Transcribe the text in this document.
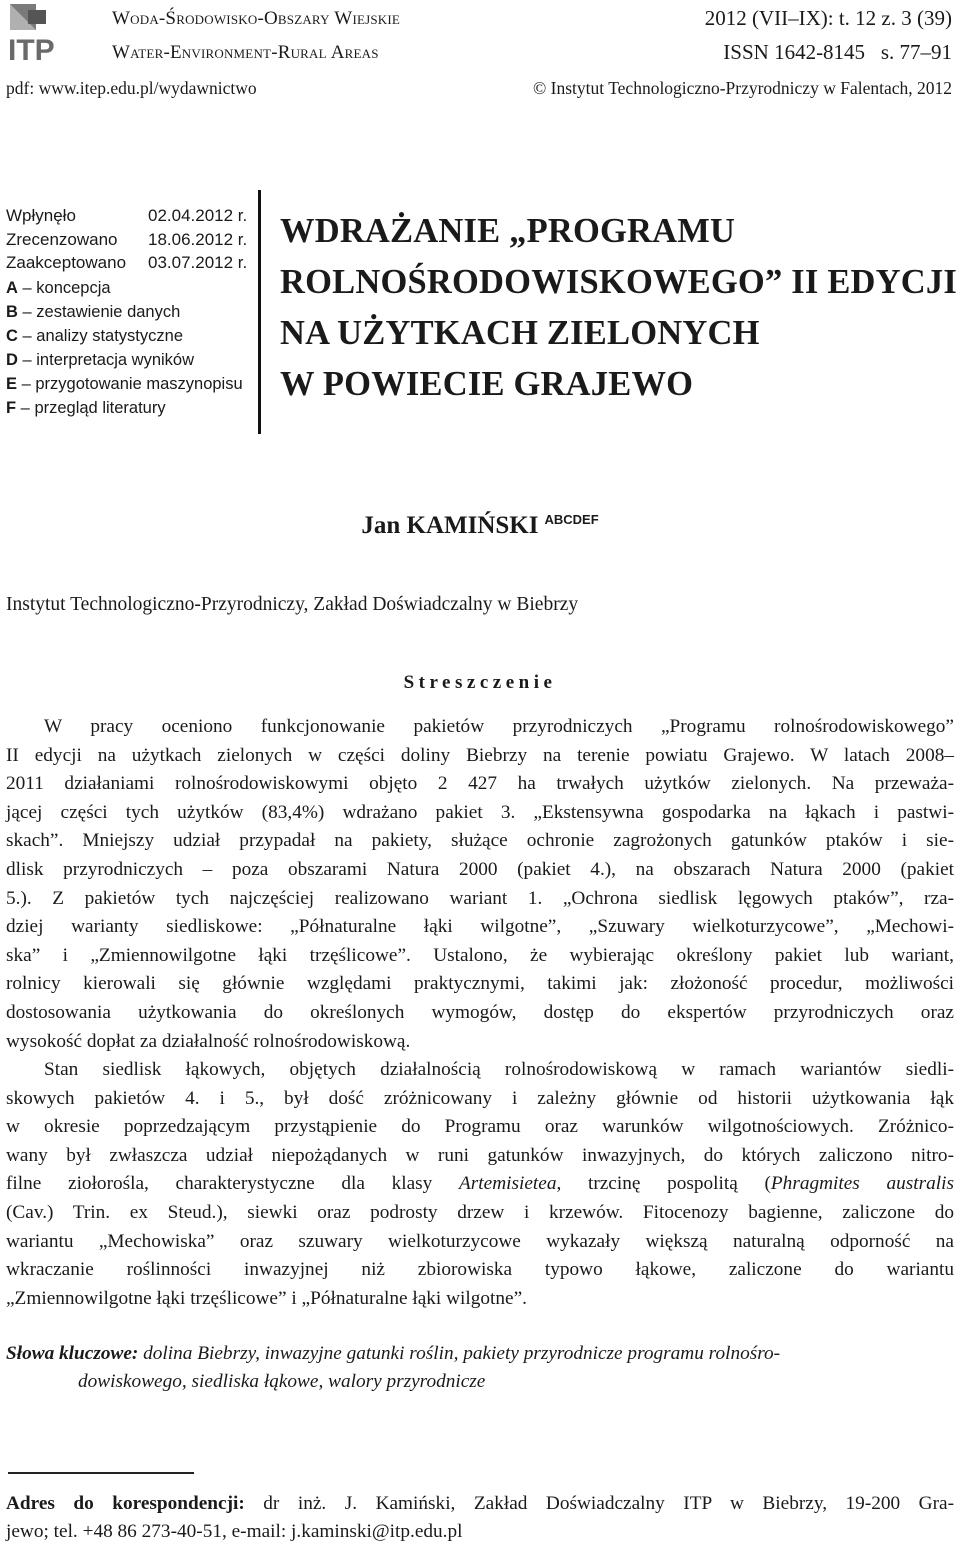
ITP
Woda-Środowisko-Obszary Wiejskie
Water-Environment-Rural Areas
2012 (VII–IX): t. 12 z. 3 (39)
ISSN 1642-8145 s. 77–91
pdf: www.itep.edu.pl/wydawnictwo	© Instytut Technologiczno-Przyrodniczy w Falentach, 2012
Wpłynęło	02.04.2012 r.
Zrecenzowano	18.06.2012 r.
Zaakceptowano	03.07.2012 r.
A – koncepcja
B – zestawienie danych
C – analizy statystyczne
D – interpretacja wyników
E – przygotowanie maszynopisu
F – przegląd literatury
WDRAŻANIE „PROGRAMU
ROLNOŚRODOWISKOWEGO” II EDYCJI
NA UŻYTKACH ZIELONYCH
W POWIECIE GRAJEWO
Jan KAMIŃSKI $^{ABCDEF}$
Instytut Technologiczno-Przyrodniczy, Zakład Doświadczalny w Biebrzy
Streszczenie
W pracy oceniono funkcjonowanie pakietów przyrodniczych „Programu rolnośrodowiskowego”
II edycji na użytkach zielonych w części doliny Biebrzy na terenie powiatu Grajewo. W latach 2008–
2011 działaniami rolnośrodowiskowymi objęto 2 427 ha trwałych użytków zielonych. Na przeważa-
jącej części tych użytków (83,4%) wdrażano pakiet 3. „Ekstensywna gospodarka na łąkach i pastwi-
skach”. Mniejszy udział przypadał na pakiety, służące ochronie zagrożonych gatunków ptaków i sie-
dlisk przyrodniczych – poza obszarami Natura 2000 (pakiet 4.), na obszarach Natura 2000 (pakiet
5.). Z pakietów tych najczęściej realizowano wariant 1. „Ochrona siedlisk lęgowych ptaków”, rza-
dziej warianty siedliskowe: „Półnaturalne łąki wilgotne”, „Szuwary wielkoturzycowe”, „Mechowi-
ska” i „Zmiennowilgotne łąki trzęślicowe”. Ustalono, że wybierając określony pakiet lub wariant,
rolnicy kierowali się głównie względami praktycznymi, takimi jak: złożoność procedur, możliwości
dostosowania użytkowania do określonych wymogów, dostęp do ekspertów przyrodniczych oraz
wysokość dopłat za działalność rolnośrodowiskową.
Stan siedlisk łąkowych, objętych działalnością rolnośrodowiskową w ramach wariantów siedli-
skowych pakietów 4. i 5., był dość zróżnicowany i zależny głównie od historii użytkowania łąk
w okresie poprzedzającym przystąpienie do Programu oraz warunków wilgotnościowych. Zróżnico-
wany był zwłaszcza udział niepożądanych w runi gatunków inwazyjnych, do których zaliczono nitro-
filne ziołorośla, charakterystyczne dla klasy Artemisietea, trzcinę pospolitą (Phragmites australis
(Cav.) Trin. ex Steud.), siewki oraz podrosty drzew i krzewów. Fitocenozy bagienne, zaliczone do
wariantu „Mechowiska” oraz szuwary wielkoturzycowe wykazały większą naturalną odporność na
wkraczanie roślinności inwazyjnej niż zbiorowiska typowo łąkowe, zaliczone do wariantu
„Zmiennowilgotne łąki trzęślicowe” i „Półnaturalne łąki wilgotne”.
Słowa kluczowe: dolina Biebrzy, inwazyjne gatunki roślin, pakiety przyrodnicze programu rolnośro-
dowiskowego, siedliska łąkowe, walory przyrodnicze
Adres do korespondencji: dr inż. J. Kamiński, Zakład Doświadczalny ITP w Biebrzy, 19-200 Gra-
jewo; tel. +48 86 273-40-51, e-mail: j.kaminski@itp.edu.pl
